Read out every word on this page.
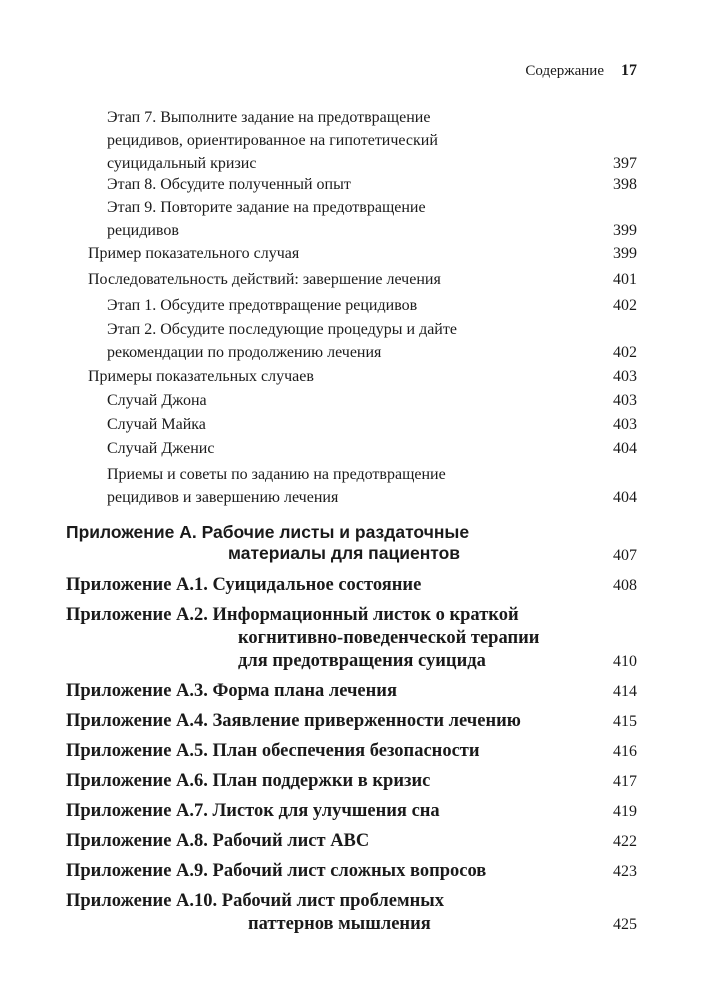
Содержание 17
Этап 7. Выполните задание на предотвращение
рецидивов, ориентированное на гипотетический
суицидальный кризис	397
Этап 8. Обсудите полученный опыт	398
Этап 9. Повторите задание на предотвращение
рецидивов	399
Пример показательного случая	399
Последовательность действий: завершение лечения	401
Этап 1. Обсудите предотвращение рецидивов	402
Этап 2. Обсудите последующие процедуры и дайте
рекомендации по продолжению лечения	402
Примеры показательных случаев	403
Случай Джона	403
Случай Майка	403
Случай Дженис	404
Приемы и советы по заданию на предотвращение
рецидивов и завершению лечения	404
Приложение А. Рабочие листы и раздаточные
материалы для пациентов	407
Приложение А.1. Суицидальное состояние	408
Приложение А.2. Информационный листок о краткой
когнитивно-поведенческой терапии
для предотвращения суицида	410
Приложение А.3. Форма плана лечения	414
Приложение А.4. Заявление приверженности лечению	415
Приложение А.5. План обеспечения безопасности	416
Приложение А.6. План поддержки в кризис	417
Приложение А.7. Листок для улучшения сна	419
Приложение А.8. Рабочий лист ABC	422
Приложение А.9. Рабочий лист сложных вопросов	423
Приложение А.10. Рабочий лист проблемных
паттернов мышления	425
